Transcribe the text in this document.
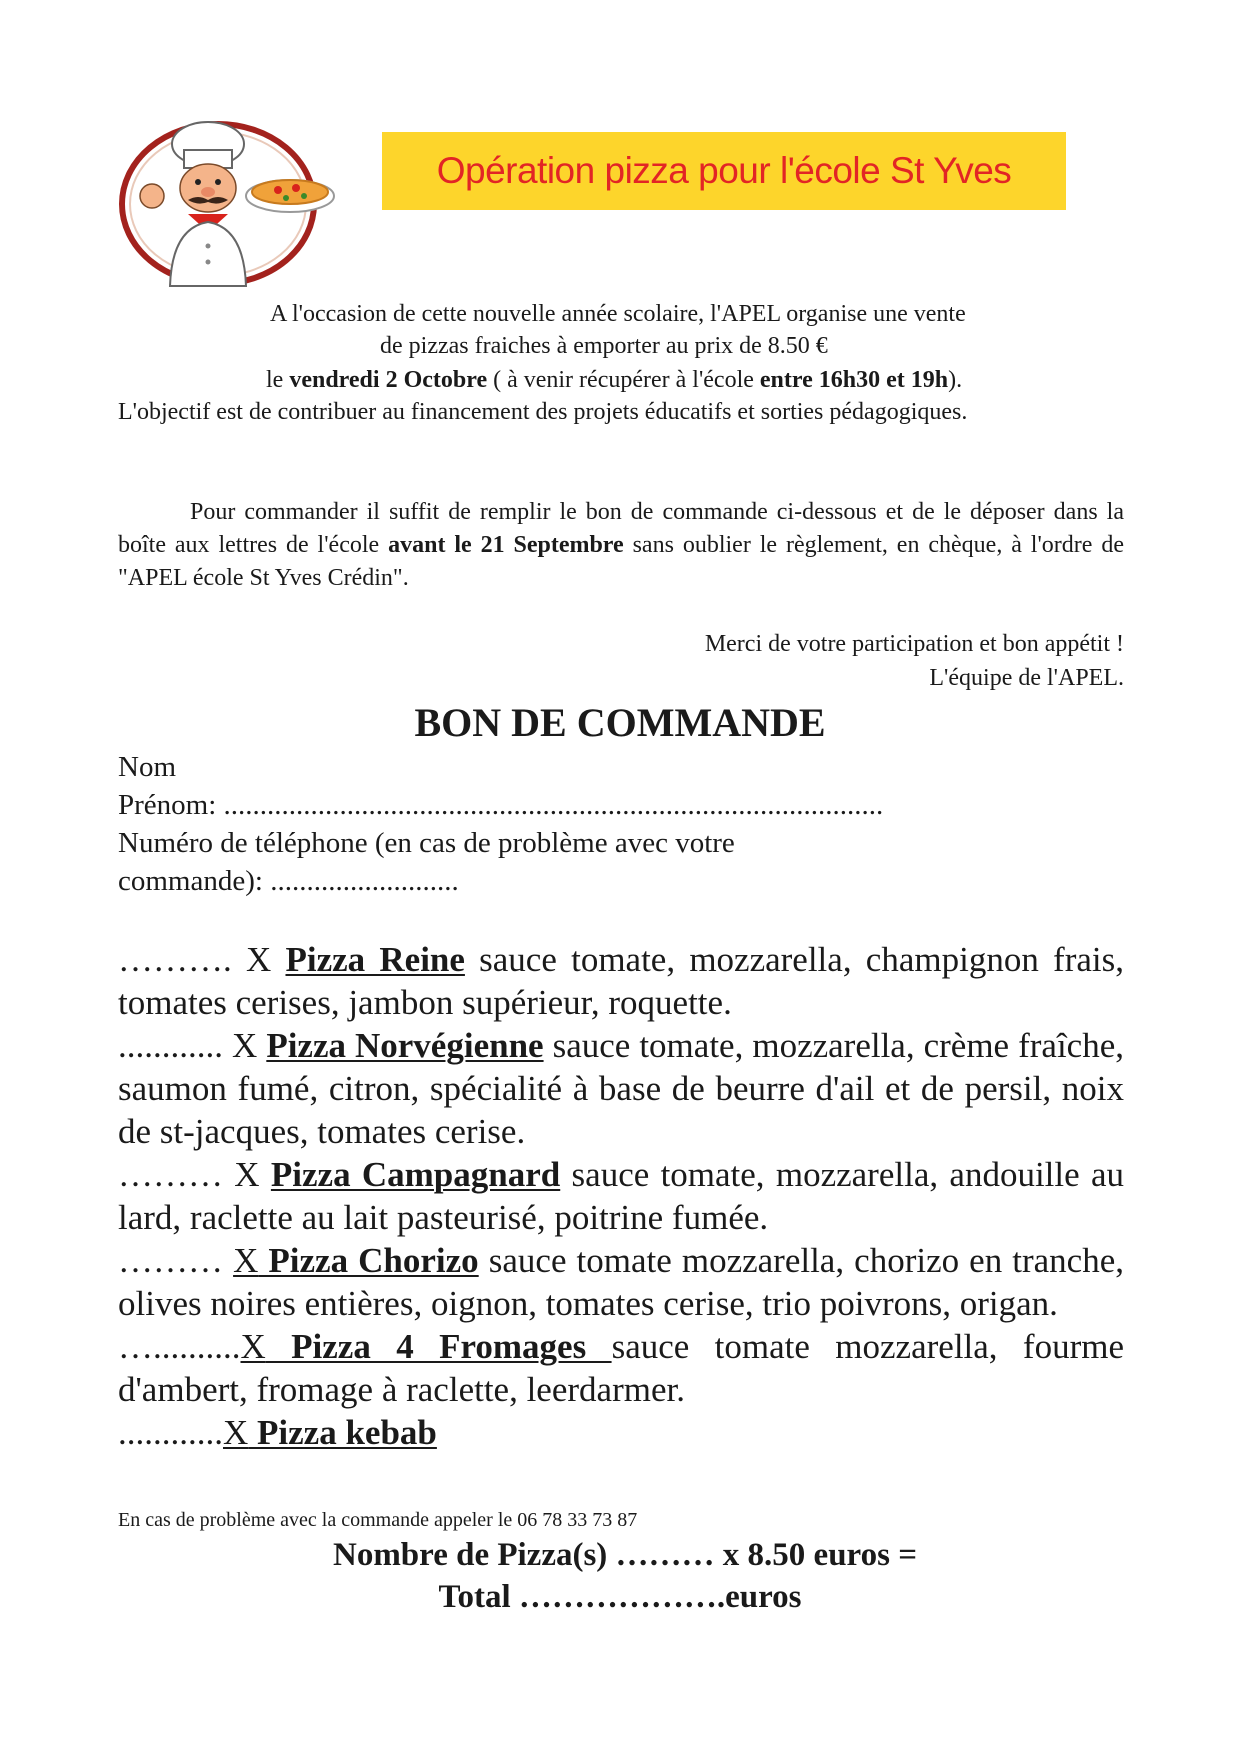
Opération pizza pour l'école St Yves
A l'occasion de cette nouvelle année scolaire, l'APEL organise une vente
de pizzas fraiches à emporter au prix de 8.50 €
le vendredi 2 Octobre ( à venir récupérer à l'école entre 16h30 et 19h).
L'objectif est de contribuer au financement des projets éducatifs et sorties pédagogiques.
Pour commander il suffit de remplir le bon de commande ci-dessous et de le déposer dans la boîte aux lettres de l'école avant le 21 Septembre sans oublier le règlement, en chèque, à l'ordre de "APEL école St Yves Crédin".
Merci de votre participation et bon appétit !
L'équipe de l'APEL.
BON DE COMMANDE
Nom
Prénom: ...........................................................................................
Numéro de téléphone (en cas de problème avec votre
commande): ..........................

………. X Pizza Reine sauce tomate, mozzarella, champignon frais, tomates cerises, jambon supérieur, roquette.

............ X Pizza Norvégienne sauce tomate, mozzarella, crème fraîche, saumon fumé, citron, spécialité à base de beurre d'ail et de persil, noix de st-jacques, tomates cerise.

……… X Pizza Campagnard sauce tomate, mozzarella, andouille au lard, raclette au lait pasteurisé, poitrine fumée.

……… X Pizza Chorizo sauce tomate mozzarella, chorizo en tranche, olives noires entières, oignon, tomates cerise, trio poivrons, origan.

…..........X Pizza 4 Fromages sauce tomate mozzarella, fourme d'ambert, fromage à raclette, leerdarmer.

............X Pizza kebab

En cas de problème avec la commande appeler le 06 78 33 73 87
Nombre de Pizza(s) ……… x 8.50 euros =
Total ……………….euros
